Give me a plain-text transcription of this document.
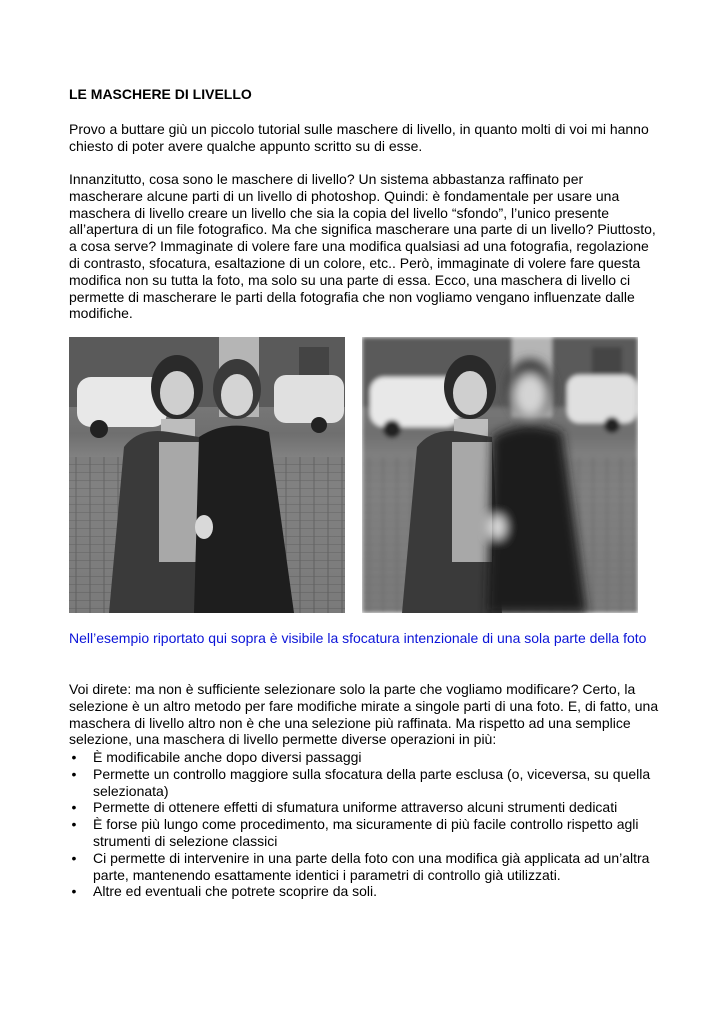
LE MASCHERE DI LIVELLO

Provo a buttare giù un piccolo tutorial sulle maschere di livello, in quanto molti di voi mi hanno chiesto di poter avere qualche appunto scritto su di esse.

Innanzitutto, cosa sono le maschere di livello? Un sistema abbastanza raffinato per mascherare alcune parti di un livello di photoshop. Quindi: è fondamentale per usare una maschera di livello creare un livello che sia la copia del livello “sfondo”, l’unico presente all’apertura di un file fotografico. Ma che significa mascherare una parte di un livello? Piuttosto, a cosa serve? Immaginate di volere fare una modifica qualsiasi ad una fotografia, regolazione di contrasto, sfocatura, esaltazione di un colore, etc.. Però, immaginate di volere fare questa modifica non su tutta la foto, ma solo su una parte di essa. Ecco, una maschera di livello ci permette di mascherare le parti della fotografia che non vogliamo vengano influenzate dalle modifiche.

Nell’esempio riportato qui sopra è visibile la sfocatura intenzionale di una sola parte della foto

Voi direte: ma non è sufficiente selezionare solo la parte che vogliamo modificare? Certo, la selezione è un altro metodo per fare modifiche mirate a singole parti di una foto. E, di fatto, una maschera di livello altro non è che una selezione più raffinata. Ma rispetto ad una semplice selezione, una maschera di livello permette diverse operazioni in più:

• È modificabile anche dopo diversi passaggi
• Permette un controllo maggiore sulla sfocatura della parte esclusa (o, viceversa, su quella selezionata)
• Permette di ottenere effetti di sfumatura uniforme attraverso alcuni strumenti dedicati
• È forse più lungo come procedimento, ma sicuramente di più facile controllo rispetto agli strumenti di selezione classici
• Ci permette di intervenire in una parte della foto con una modifica già applicata ad un’altra parte, mantenendo esattamente identici i parametri di controllo già utilizzati.
• Altre ed eventuali che potrete scoprire da soli.
